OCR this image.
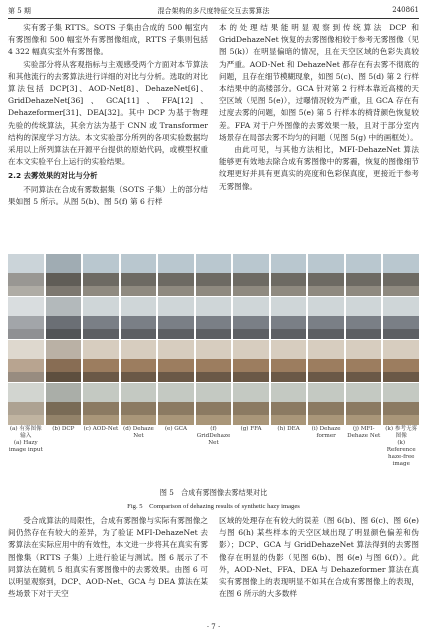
第 5 期	混合架构的多尺度特征交互去雾算法	240861

实有雾子集 RTTS。SOTS 子集由合成的 500 幅室内有雾图像和 500 幅室外有雾图像组成，RTTS 子集则包括 4 322 幅真实室外有雾图像。

实验部分将从客观指标与主观感受两个方面对本节算法和其他流行的去雾算法进行详细的对比与分析。选取的对比算法包括 DCP[3]、AOD-Net[8]、DehazeNet[6]、GridDehazeNet[36]、GCA[11]、FFA[12]、Dehazeformer[31]、DEA[32]。其中 DCP 为基于物理先验的传统算法，其余方法为基于 CNN 或 Transformer 结构的深度学习方法。本文实验部分所列的各项实验数据均采用以上所列算法在开源平台提供的原始代码，或模型权重在本文实验平台上运行的实验结果。

2.2 去雾效果的对比与分析

不同算法在合成有雾数据集（SOTS 子集）上的部分结果如图 5 所示。从图 5(b)、图 5(f) 第 6 行样

本的处理结果能明显观察到传统算法 DCP 和 GridDehazeNet 恢复的去雾图像相较于参考无雾图像（见图 5(k)）在明显偏暗的情况，且在天空区域的色彩失真较为严重。AOD-Net 和 DehazeNet 都存在有去雾不彻底的问题，且存在细节模糊现象，如图 5(c)、图 5(d) 第 2 行样本结果中的高楼部分。GCA 针对第 2 行样本靠近高楼的天空区域（见图 5(e)），过曝情况较为严重，且 GCA 存在有过度去雾的问题，如图 5(e) 第 5 行样本的椅背颜色恢复较差。FFA 对于户外图像的去雾效果一般，且对于部分室内场景存在局部去雾不均匀的问题（见图 5(g) 中的画框处）。

由此可见，与其他方法相比，MFI-DehazeNet 算法能够更有效地去除合成有雾图像中的雾霾，恢复的图像细节纹理更好并具有更真实的亮度和色彩保真度，更接近于参考无雾图像。

(a) 有雾图像输入
(a) Hazy image input
(b) DCP	(c) AOD-Net (d) Dehaze Net
(e) GCA	(f) GridDehaze Net
(g) FFA	(h) DEA	(i) Dehaze former
(j) MFI-Dehaze Net
(k) 参考无雾图像
(k) Reference haze-free image
图 5　合成有雾图像去雾结果对比
Fig. 5　Comparison of dehazing results of synthetic hazy images

受合成算法的局限性，合成有雾图像与实际有雾图像之间仍然存在有较大的差异，为了验证 MFI-DehazeNet 去雾算法在实际应用中的有效性，本文进一步将其在真实有雾图像集（RTTS 子集）上进行验证与测试。图 6 展示了不同算法在随机 5 组真实有雾图像中的去雾效果。由图 6 可以明显观察到，DCP、AOD-Net、GCA 与 DEA 算法在某些场景下对于天空

区域的处理存在有较大的误差（图 6(b)、图 6(c)、图 6(e) 与图 6(h) 某些样本的天空区域出现了明显颜色偏差和伪影）；DCP、GCA 与 GridDehazeNet 算法得到的去雾图像存在明显的伪影（见图 6(b)、图 6(e) 与图 6(f)）。此外，AOD-Net、FFA、DEA 与 Dehazeformer 算法在真实有雾图像上的表现明显不如其在合成有雾图像上的表现，在图 6 所示的大多数样

· 7 ·
